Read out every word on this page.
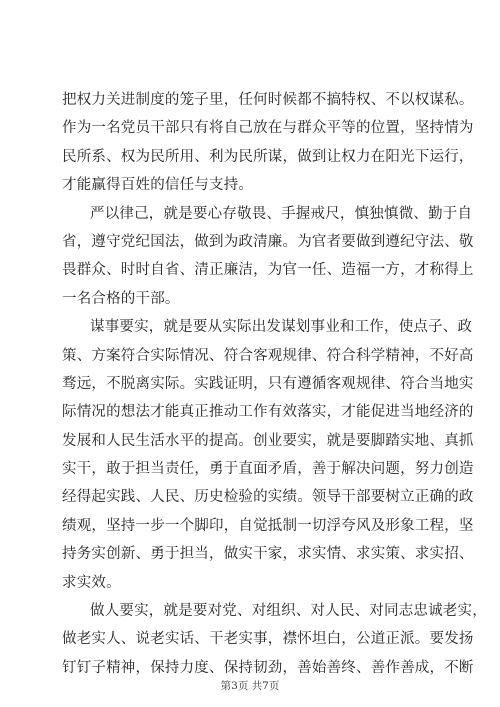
把权力关进制度的笼子里，任何时候都不搞特权、不以权谋私。
作为一名党员干部只有将自己放在与群众平等的位置，坚持情为
民所系、权为民所用、利为民所谋，做到让权力在阳光下运行，
才能赢得百姓的信任与支持。
严以律己，就是要心存敬畏、手握戒尺，慎独慎微、勤于自
省，遵守党纪国法，做到为政清廉。为官者要做到遵纪守法、敬
畏群众、时时自省、清正廉洁，为官一任、造福一方，才称得上
一名合格的干部。
谋事要实，就是要从实际出发谋划事业和工作，使点子、政
策、方案符合实际情况、符合客观规律、符合科学精神，不好高
骛远，不脱离实际。实践证明，只有遵循客观规律、符合当地实
际情况的想法才能真正推动工作有效落实，才能促进当地经济的
发展和人民生活水平的提高。创业要实，就是要脚踏实地、真抓
实干，敢于担当责任，勇于直面矛盾，善于解决问题，努力创造
经得起实践、人民、历史检验的实绩。领导干部要树立正确的政
绩观，坚持一步一个脚印，自觉抵制一切浮夸风及形象工程，坚
持务实创新、勇于担当，做实干家，求实情、求实策、求实招、
求实效。
做人要实，就是要对党、对组织、对人民、对同志忠诚老实，
做老实人、说老实话、干老实事，襟怀坦白，公道正派。要发扬
钉钉子精神，保持力度、保持韧劲，善始善终、善作善成，不断
第3页 共7页
